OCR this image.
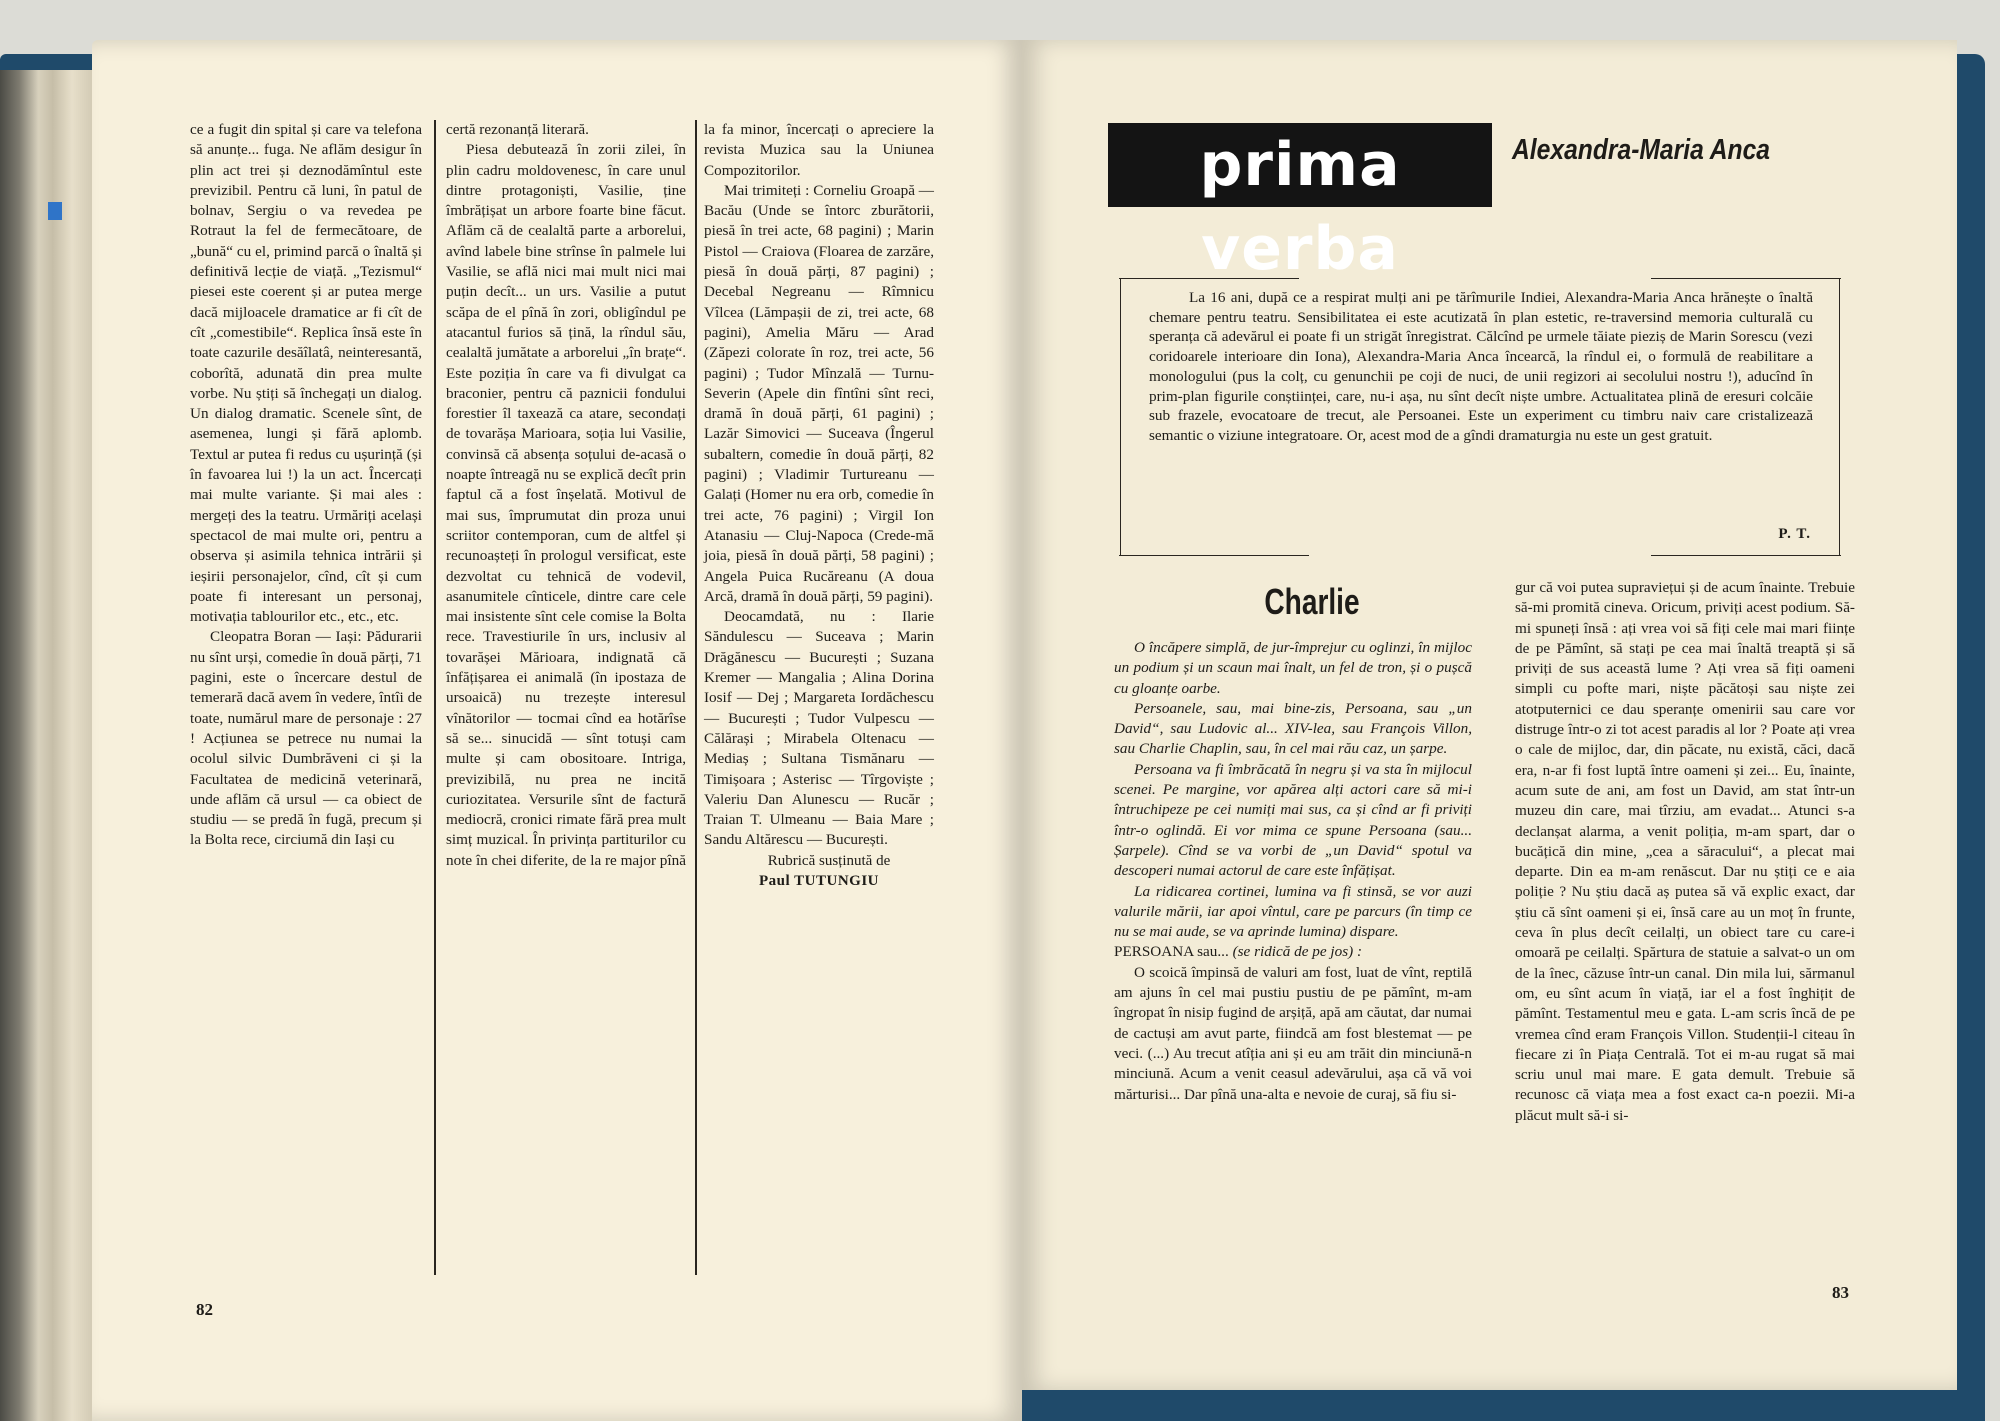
ce a fugit din spital și care va telefona să anunțe... fuga. Ne aflăm desigur în plin act trei și deznodămîntul este previzibil. Pentru că luni, în patul de bolnav, Sergiu o va revedea pe Rotraut la fel de fermecătoare, de „bună“ cu el, primind parcă o înaltă și definitivă lecție de viață. „Tezismul“ piesei este coerent și ar putea merge dacă mijloacele dramatice ar fi cît de cît „comestibile“. Replica însă este în toate cazurile desăîlatâ, neinteresantă, coborîtă, adunată din prea multe vorbe. Nu știți să închegați un dialog. Un dialog dramatic. Scenele sînt, de asemenea, lungi și fără aplomb. Textul ar putea fi redus cu ușurință (și în favoarea lui !) la un act. Încercați mai multe variante. Și mai ales : mergeți des la teatru. Urmăriți același spectacol de mai multe ori, pentru a observa și asimila tehnica intrării și ieșirii personajelor, cînd, cît și cum poate fi interesant un personaj, motivația tablourilor etc., etc., etc.

Cleopatra Boran — Iași: Pădurarii nu sînt urși, comedie în două părți, 71 pagini, este o încercare destul de temerară dacă avem în vedere, întîi de toate, numărul mare de personaje : 27 ! Acțiunea se petrece nu numai la ocolul silvic Dumbrăveni ci și la Facultatea de medicină veterinară, unde aflăm că ursul — ca obiect de studiu — se predă în fugă, precum și la Bolta rece, circiumă din Iași cu

certă rezonanță literară.

Piesa debutează în zorii zilei, în plin cadru moldovenesc, în care unul dintre protagoniști, Vasilie, ține îmbrățișat un arbore foarte bine făcut. Aflăm că de cealaltă parte a arborelui, avînd labele bine strînse în palmele lui Vasilie, se află nici mai mult nici mai puțin decît... un urs. Vasilie a putut scăpa de el pînă în zori, obligîndul pe atacantul furios să țină, la rîndul său, cealaltă jumătate a arborelui „în brațe“. Este poziția în care va fi divulgat ca braconier, pentru că paznicii fondului forestier îl taxează ca atare, secondați de tovarășa Marioara, soția lui Vasilie, convinsă că absența soțului de-acasă o noapte întreagă nu se explică decît prin faptul că a fost înșelată. Motivul de mai sus, împrumutat din proza unui scriitor contemporan, cum de altfel și recunoașteți în prologul versificat, este dezvoltat cu tehnică de vodevil, asanumitele cînticele, dintre care cele mai insistente sînt cele comise la Bolta rece. Travestiurile în urs, inclusiv al tovarășei Mărioara, indignată că înfățișarea ei animală (în ipostaza de ursoaică) nu trezește interesul vînătorilor — tocmai cînd ea hotărîse să se... sinucidă — sînt totuși cam multe și cam obositoare. Intriga, previzibilă, nu prea ne incită curiozitatea. Versurile sînt de factură mediocră, cronici rimate fără prea mult simț muzical. În privința partiturilor cu note în chei diferite, de la re major pînă

la fa minor, încercați o apreciere la revista Muzica sau la Uniunea Compozitorilor.

Mai trimiteți : Corneliu Groapă — Bacău (Unde se întorc zburătorii, piesă în trei acte, 68 pagini) ; Marin Pistol — Craiova (Floarea de zarzăre, piesă în două părți, 87 pagini) ; Decebal Negreanu — Rîmnicu Vîlcea (Lămpașii de zi, trei acte, 68 pagini), Amelia Măru — Arad (Zăpezi colorate în roz, trei acte, 56 pagini) ; Tudor Mînzală — Turnu-Severin (Apele din fîntîni sînt reci, dramă în două părți, 61 pagini) ; Lazăr Simovici — Suceava (Îngerul subaltern, comedie în două părți, 82 pagini) ; Vladimir Turtureanu — Galați (Homer nu era orb, comedie în trei acte, 76 pagini) ; Virgil Ion Atanasiu — Cluj-Napoca (Crede-mă joia, piesă în două părți, 58 pagini) ; Angela Puica Rucăreanu (A doua Arcă, dramă în două părți, 59 pagini).

Deocamdată, nu : Ilarie Săndulescu — Suceava ; Marin Drăgănescu — București ; Suzana Kremer — Mangalia ; Alina Dorina Iosif — Dej ; Margareta Iordăchescu — București ; Tudor Vulpescu — Călărași ; Mirabela Oltenacu — Mediaș ; Sultana Tismănaru — Timișoara ; Asterisc — Tîrgoviște ; Valeriu Dan Alunescu — Rucăr ; Traian T. Ulmeanu — Baia Mare ; Sandu Altărescu — București.

Rubrică susținută de
Paul TUTUNGIU

82
prima verba
Alexandra-Maria Anca

La 16 ani, după ce a respirat mulți ani pe tărîmurile Indiei, Alexandra-Maria Anca hrănește o înaltă chemare pentru teatru. Sensibilitatea ei este acutizată în plan estetic, re-traversind memoria culturală cu speranța că adevărul ei poate fi un strigăt înregistrat. Călcînd pe urmele tăiate pieziș de Marin Sorescu (vezi coridoarele interioare din Iona), Alexandra-Maria Anca încearcă, la rîndul ei, o formulă de reabilitare a monologului (pus la colț, cu genunchii pe coji de nuci, de unii regizori ai secolului nostru !), aducînd în prim-plan figurile conștiinței, care, nu-i așa, nu sînt decît niște umbre. Actualitatea plină de eresuri colcăie sub frazele, evocatoare de trecut, ale Persoanei. Este un experiment cu timbru naiv care cristalizează semantic o viziune integratoare. Or, acest mod de a gîndi dramaturgia nu este un gest gratuit.

P. T.
Charlie

O încăpere simplă, de jur-împrejur cu oglinzi, în mijloc un podium și un scaun mai înalt, un fel de tron, și o pușcă cu gloanțe oarbe.

Persoanele, sau, mai bine-zis, Persoana, sau „un David“, sau Ludovic al... XIV-lea, sau François Villon, sau Charlie Chaplin, sau, în cel mai rău caz, un șarpe.

Persoana va fi îmbrăcată în negru și va sta în mijlocul scenei. Pe margine, vor apărea alți actori care să mi-i întruchipeze pe cei numiți mai sus, ca și cînd ar fi priviți într-o oglindă. Ei vor mima ce spune Persoana (sau... Șarpele). Cînd se va vorbi de „un David“ spotul va descoperi numai actorul de care este înfățișat.

La ridicarea cortinei, lumina va fi stinsă, se vor auzi valurile mării, iar apoi vîntul, care pe parcurs (în timp ce nu se mai aude, se va aprinde lumina) dispare.

PERSOANA sau... (se ridică de pe jos) :

O scoică împinsă de valuri am fost, luat de vînt, reptilă am ajuns în cel mai pustiu pustiu de pe pămînt, m-am îngropat în nisip fugind de arșiță, apă am căutat, dar numai de cactuși am avut parte, fiindcă am fost blestemat — pe veci. (...) Au trecut atîția ani și eu am trăit din minciună-n minciună. Acum a venit ceasul adevărului, așa că vă voi mărturisi... Dar pînă una-alta e nevoie de curaj, să fiu si-

gur că voi putea supraviețui și de acum înainte. Trebuie să-mi promită cineva. Oricum, priviți acest podium. Să-mi spuneți însă : ați vrea voi să fiți cele mai mari ființe de pe Pămînt, să stați pe cea mai înaltă treaptă și să priviți de sus această lume ? Ați vrea să fiți oameni simpli cu pofte mari, niște păcătoși sau niște zei atotputernici ce dau speranțe omenirii sau care vor distruge într-o zi tot acest paradis al lor ? Poate ați vrea o cale de mijloc, dar, din păcate, nu există, căci, dacă era, n-ar fi fost luptă între oameni și zei... Eu, înainte, acum sute de ani, am fost un David, am stat într-un muzeu din care, mai tîrziu, am evadat... Atunci s-a declanșat alarma, a venit poliția, m-am spart, dar o bucățică din mine, „cea a săracului“, a plecat mai departe. Din ea m-am renăscut. Dar nu știți ce e aia poliție ? Nu știu dacă aș putea să vă explic exact, dar știu că sînt oameni și ei, însă care au un moț în frunte, ceva în plus decît ceilalți, un obiect tare cu care-i omoară pe ceilalți. Spărtura de statuie a salvat-o un om de la înec, căzuse într-un canal. Din mila lui, sărmanul om, eu sînt acum în viață, iar el a fost înghițit de pămînt. Testamentul meu e gata. L-am scris încă de pe vremea cînd eram François Villon. Studenții-l citeau în fiecare zi în Piața Centrală. Tot ei m-au rugat să mai scriu unul mai mare. E gata demult. Trebuie să recunosc că viața mea a fost exact ca-n poezii. Mi-a plăcut mult să-i si-

83
